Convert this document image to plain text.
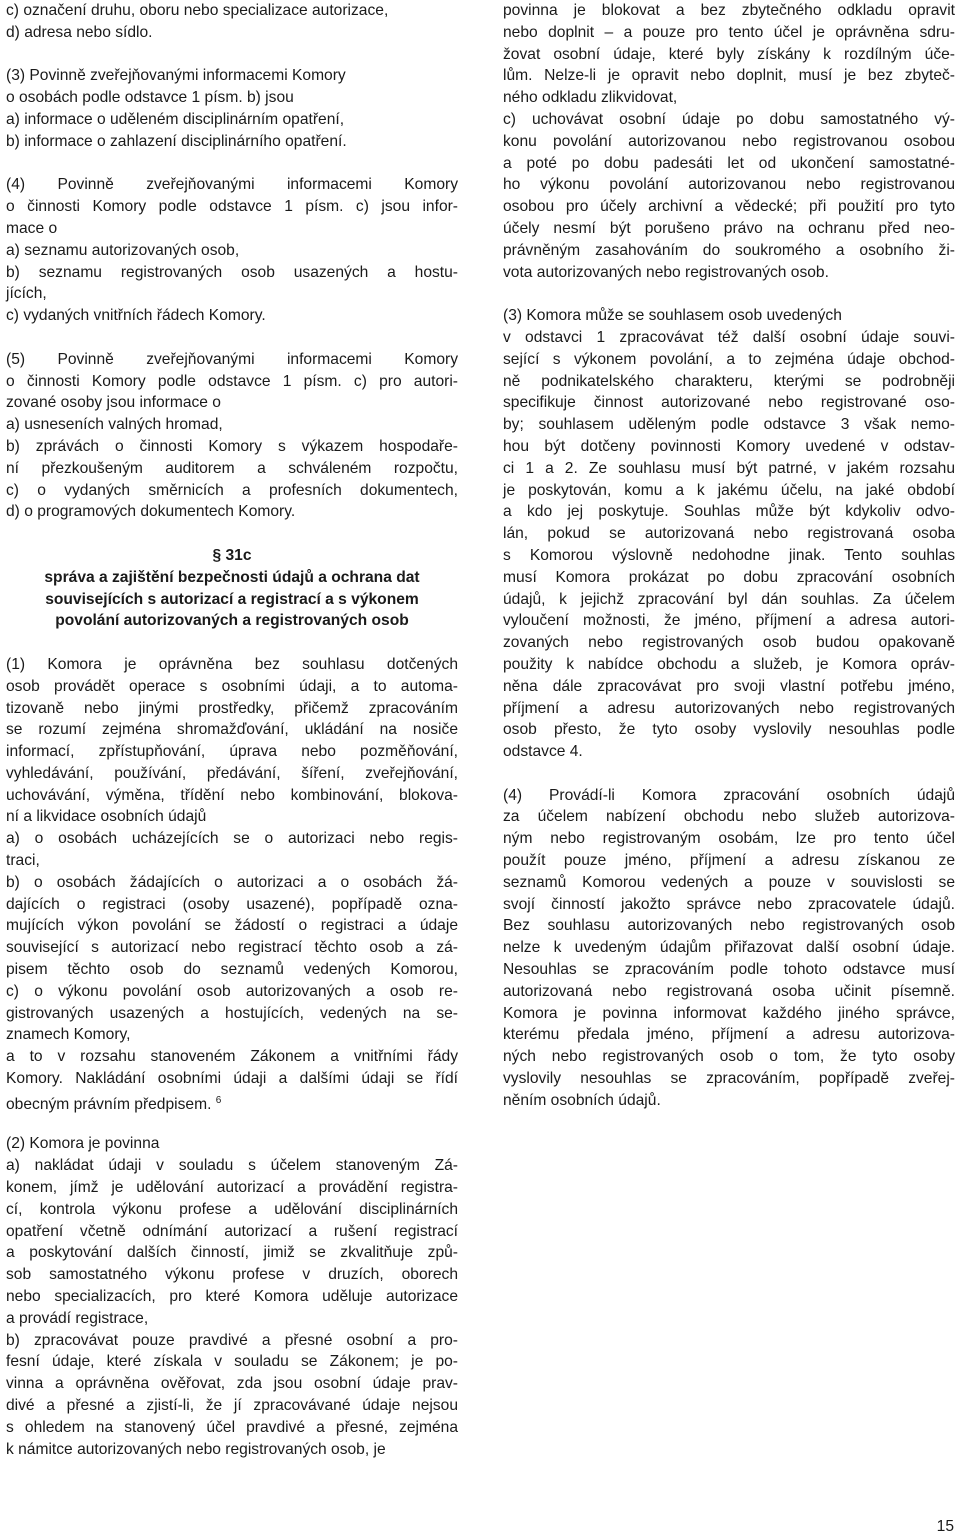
c) označení druhu, oboru nebo specializace autorizace,
d) adresa nebo sídlo.
(3) Povinně zveřejňovanými informacemi Komory
o osobách podle odstavce 1 písm. b) jsou
a) informace o uděleném disciplinárním opatření,
b) informace o zahlazení disciplinárního opatření.
(4) Povinně zveřejňovanými informacemi Komory
o činnosti Komory podle odstavce 1 písm. c) jsou infor-
mace o
a) seznamu autorizovaných osob,
b) seznamu registrovaných osob usazených a hostu-
jících,
c) vydaných vnitřních řádech Komory.
(5) Povinně zveřejňovanými informacemi Komory
o činnosti Komory podle odstavce 1 písm. c) pro autori-
zované osoby jsou informace o
a) usneseních valných hromad,
b) zprávách o činnosti Komory s výkazem hospodaře-
ní přezkoušeným auditorem a schváleném rozpočtu,
c) o vydaných směrnicích a profesních dokumentech,
d) o programových dokumentech Komory.
§ 31c
správa a zajištění bezpečnosti údajů a ochrana dat
souvisejících s autorizací a registrací a s výkonem
povolání autorizovaných a registrovaných osob
(1) Komora je oprávněna bez souhlasu dotčených
osob provádět operace s osobními údaji, a to automa-
tizovaně nebo jinými prostředky, přičemž zpracováním
se rozumí zejména shromažďování, ukládání na nosiče
informací, zpřístupňování, úprava nebo pozměňování,
vyhledávání, používání, předávání, šíření, zveřejňování,
uchovávání, výměna, třídění nebo kombinování, blokova-
ní a likvidace osobních údajů
a) o osobách ucházejících se o autorizaci nebo regis-
traci,
b) o osobách žádajících o autorizaci a o osobách žá-
dajících o registraci (osoby usazené), popřípadě ozna-
mujících výkon povolání se žádostí o registraci a údaje
související s autorizací nebo registrací těchto osob a zá-
pisem těchto osob do seznamů vedených Komorou,
c) o výkonu povolání osob autorizovaných a osob re-
gistrovaných usazených a hostujících, vedených na se-
znamech Komory,
a to v rozsahu stanoveném Zákonem a vnitřními řády
Komory. Nakládání osobními údaji a dalšími údaji se řídí
obecným právním předpisem. $^6$
(2) Komora je povinna
a) nakládat údaji v souladu s účelem stanoveným Zá-
konem, jímž je udělování autorizací a provádění registra-
cí, kontrola výkonu profese a udělování disciplinárních
opatření včetně odnímání autorizací a rušení registrací
a poskytování dalších činností, jimiž se zkvalitňuje způ-
sob samostatného výkonu profese v druzích, oborech
nebo specializacích, pro které Komora uděluje autorizace
a provádí registrace,
b) zpracovávat pouze pravdivé a přesné osobní a pro-
fesní údaje, které získala v souladu se Zákonem; je po-
vinna a oprávněna ověřovat, zda jsou osobní údaje prav-
divé a přesné a zjistí-li, že jí zpracovávané údaje nejsou
s ohledem na stanovený účel pravdivé a přesné, zejména
k námitce autorizovaných nebo registrovaných osob, je
povinna je blokovat a bez zbytečného odkladu opravit
nebo doplnit – a pouze pro tento účel je oprávněna sdru-
žovat osobní údaje, které byly získány k rozdílným úče-
lům. Nelze-li je opravit nebo doplnit, musí je bez zbyteč-
ného odkladu zlikvidovat,
c) uchovávat osobní údaje po dobu samostatného vý-
konu povolání autorizovanou nebo registrovanou osobou
a poté po dobu padesáti let od ukončení samostatné-
ho výkonu povolání autorizovanou nebo registrovanou
osobou pro účely archivní a vědecké; při použití pro tyto
účely nesmí být porušeno právo na ochranu před neo-
právněným zasahováním do soukromého a osobního ži-
vota autorizovaných nebo registrovaných osob.
(3) Komora může se souhlasem osob uvedených
v odstavci 1 zpracovávat též další osobní údaje souvi-
sející s výkonem povolání, a to zejména údaje obchod-
ně podnikatelského charakteru, kterými se podrobněji
specifikuje činnost autorizované nebo registrované oso-
by; souhlasem uděleným podle odstavce 3 však nemo-
hou být dotčeny povinnosti Komory uvedené v odstav-
ci 1 a 2. Ze souhlasu musí být patrné, v jakém rozsahu
je poskytován, komu a k jakému účelu, na jaké období
a kdo jej poskytuje. Souhlas může být kdykoliv odvo-
lán, pokud se autorizovaná nebo registrovaná osoba
s Komorou výslovně nedohodne jinak. Tento souhlas
musí Komora prokázat po dobu zpracování osobních
údajů, k jejichž zpracování byl dán souhlas. Za účelem
vyloučení možnosti, že jméno, příjmení a adresa autori-
zovaných nebo registrovaných osob budou opakovaně
použity k nabídce obchodu a služeb, je Komora opráv-
něna dále zpracovávat pro svoji vlastní potřebu jméno,
příjmení a adresu autorizovaných nebo registrovaných
osob přesto, že tyto osoby vyslovily nesouhlas podle
odstavce 4.
(4) Provádí-li Komora zpracování osobních údajů
za účelem nabízení obchodu nebo služeb autorizova-
ným nebo registrovaným osobám, lze pro tento účel
použít pouze jméno, příjmení a adresu získanou ze
seznamů Komorou vedených a pouze v souvislosti se
svojí činností jakožto správce nebo zpracovatele údajů.
Bez souhlasu autorizovaných nebo registrovaných osob
nelze k uvedeným údajům přiřazovat další osobní údaje.
Nesouhlas se zpracováním podle tohoto odstavce musí
autorizovaná nebo registrovaná osoba učinit písemně.
Komora je povinna informovat každého jiného správce,
kterému předala jméno, příjmení a adresu autorizova-
ných nebo registrovaných osob o tom, že tyto osoby
vyslovily nesouhlas se zpracováním, popřípadě zveřej-
něním osobních údajů.
15
